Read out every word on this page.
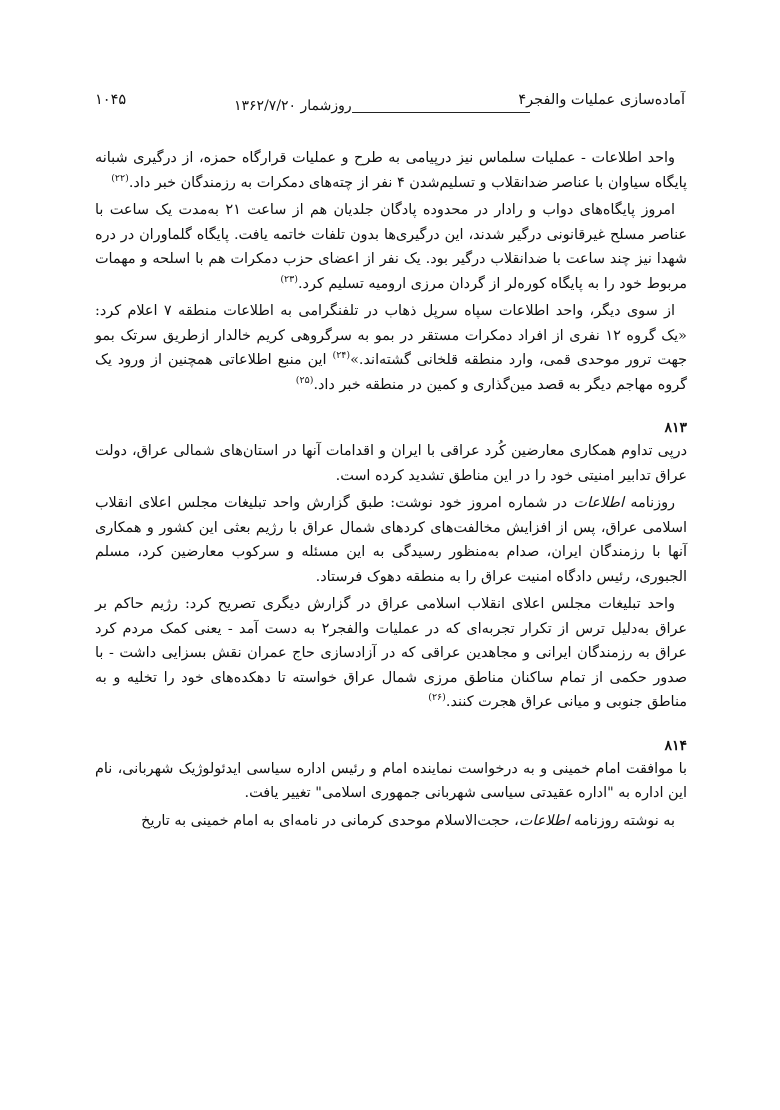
آماده‌سازی عملیات والفجر۴
روزشمار ۱۳۶۲/۷/۲۰
۱۰۴۵

واحد اطلاعات - عملیات سلماس نیز درپیامی به طرح و عملیات قرارگاه حمزه، از درگیری شبانه پایگاه سیاوان با عناصر ضدانقلاب و تسلیم‌شدن ۴ نفر از چته‌های دمکرات به رزمندگان خبر داد.$^{(۲۲)}$

امروز پایگاه‌های دواب و رادار در محدوده پادگان جلدیان هم از ساعت ۲۱ به‌مدت یک ساعت با عناصر مسلح غیرقانونی درگیر شدند، این درگیری‌ها بدون تلفات خاتمه یافت. پایگاه گلماوران در دره شهدا نیز چند ساعت با ضدانقلاب درگیر بود. یک نفر از اعضای حزب دمکرات هم با اسلحه و مهمات مربوط خود را به پایگاه کوره‌لر از گردان مرزی ارومیه تسلیم کرد.$^{(۲۳)}$

از سوی دیگر، واحد اطلاعات سپاه سرپل ذهاب در تلفنگرامی به اطلاعات منطقه ۷ اعلام کرد: «یک گروه ۱۲ نفری از افراد دمکرات مستقر در بمو به سرگروهی کریم خالدار ازطریق سرتک بمو جهت ترور موحدی قمی، وارد منطقه قلخانی گشته‌اند.»$^{(۲۴)}$ این منبع اطلاعاتی همچنین از ورود یک گروه مهاجم دیگر به قصد مین‌گذاری و کمین در منطقه خبر داد.$^{(۲۵)}$

۸۱۳

درپی تداوم همکاری معارضین کُرد عراقی با ایران و اقدامات آنها در استان‌های شمالی عراق، دولت عراق تدابیر امنیتی خود را در این مناطق تشدید کرده است.

روزنامه اطلاعات در شماره امروز خود نوشت: طبق گزارش واحد تبلیغات مجلس اعلای انقلاب اسلامی عراق، پس از افزایش مخالفت‌های کردهای شمال عراق با رژیم بعثی این کشور و همکاری آنها با رزمندگان ایران، صدام به‌منظور رسیدگی به این مسئله و سرکوب معارضین کرد، مسلم الجبوری، رئیس دادگاه امنیت عراق را به منطقه دهوک فرستاد.

واحد تبلیغات مجلس اعلای انقلاب اسلامی عراق در گزارش دیگری تصریح کرد: رژیم حاکم بر عراق به‌دلیل ترس از تکرار تجربه‌ای که در عملیات والفجر۲ به دست آمد - یعنی کمک مردم کرد عراق به رزمندگان ایرانی و مجاهدین عراقی که در آزادسازی حاج عمران نقش بسزایی داشت - با صدور حکمی از تمام ساکنان مناطق مرزی شمال عراق خواسته تا دهکده‌های خود را تخلیه و به مناطق جنوبی و میانی عراق هجرت کنند.$^{(۲۶)}$

۸۱۴

با موافقت امام خمینی و به درخواست نماینده امام و رئیس اداره سیاسی ایدئولوژیک شهربانی، نام این اداره به "اداره عقیدتی سیاسی شهربانی جمهوری اسلامی" تغییر یافت.

به نوشته روزنامه اطلاعات، حجت‌الاسلام موحدی کرمانی در نامه‌ای به امام خمینی به تاریخ
